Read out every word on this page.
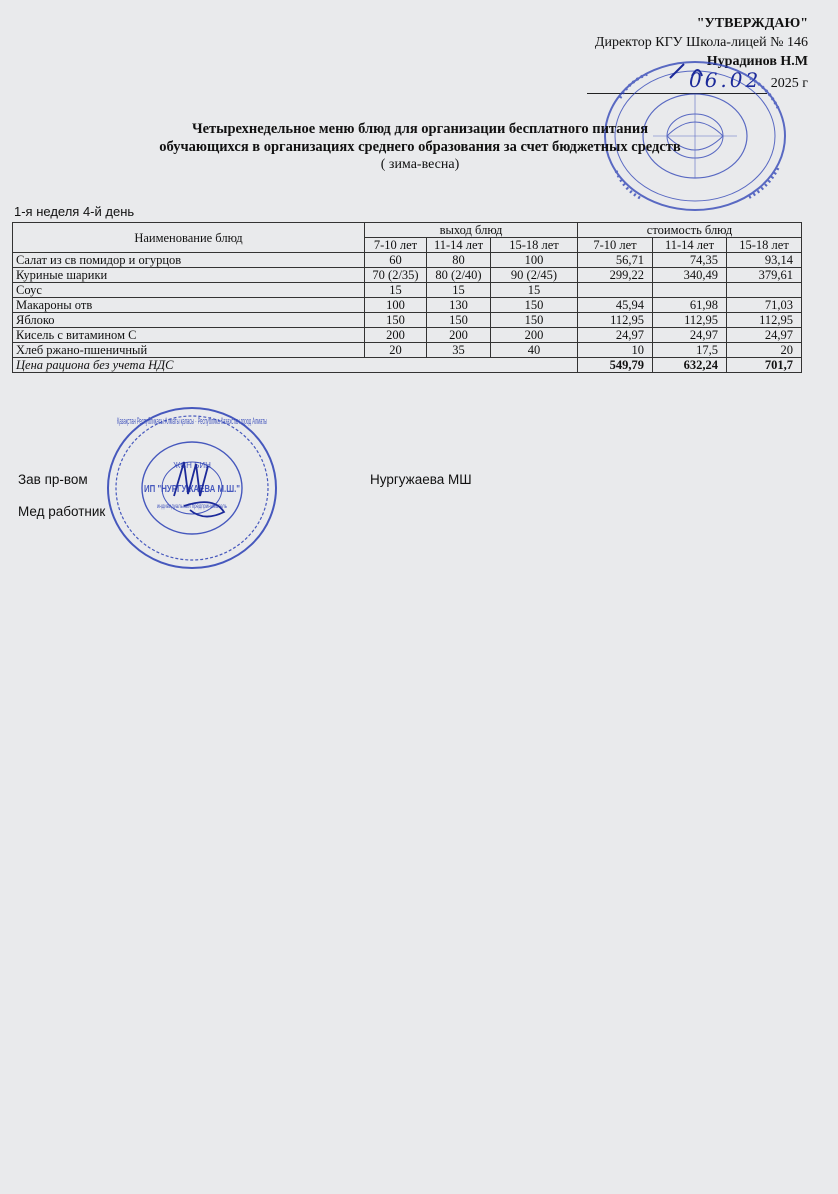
"УТВЕРЖДАЮ"
Директор КГУ Школа-лицей № 146
Нурадинов Н.М
06.02 2025 г
Четырехнедельное меню блюд для организации бесплатного питания
обучающихся в организациях среднего образования за счет бюджетных средств
( зима-весна)
1-я неделя 4-й день
Наименование блюд	выход блюд			стоимость блюд		
	7-10 лет	11-14 лет	15-18 лет	7-10 лет	11-14 лет	15-18 лет
Салат из св помидор и огурцов	60	80	100	56,71	74,35	93,14
Куриные шарики	70 (2/35)	80 (2/40)	90 (2/45)	299,22	340,49	379,61
Соус	15	15	15			
Макароны отв	100	130	150	45,94	61,98	71,03
Яблоко	150	150	150	112,95	112,95	112,95
Кисель с витамином С	200	200	200	24,97	24,97	24,97
Хлеб ржано-пшеничный	20	35	40	10	17,5	20
Цена рациона без учета НДС				549,79	632,24	701,7
Зав пр-вом	Нургужаева МШ
Мед работник
Қазақстан Республикасы Алматы қаласы · Республика Казахстан город Алматы
ЖСН БИН
ИП "НУРГУЖАЕВА М.Ш."
индивидуальный предприниматель
